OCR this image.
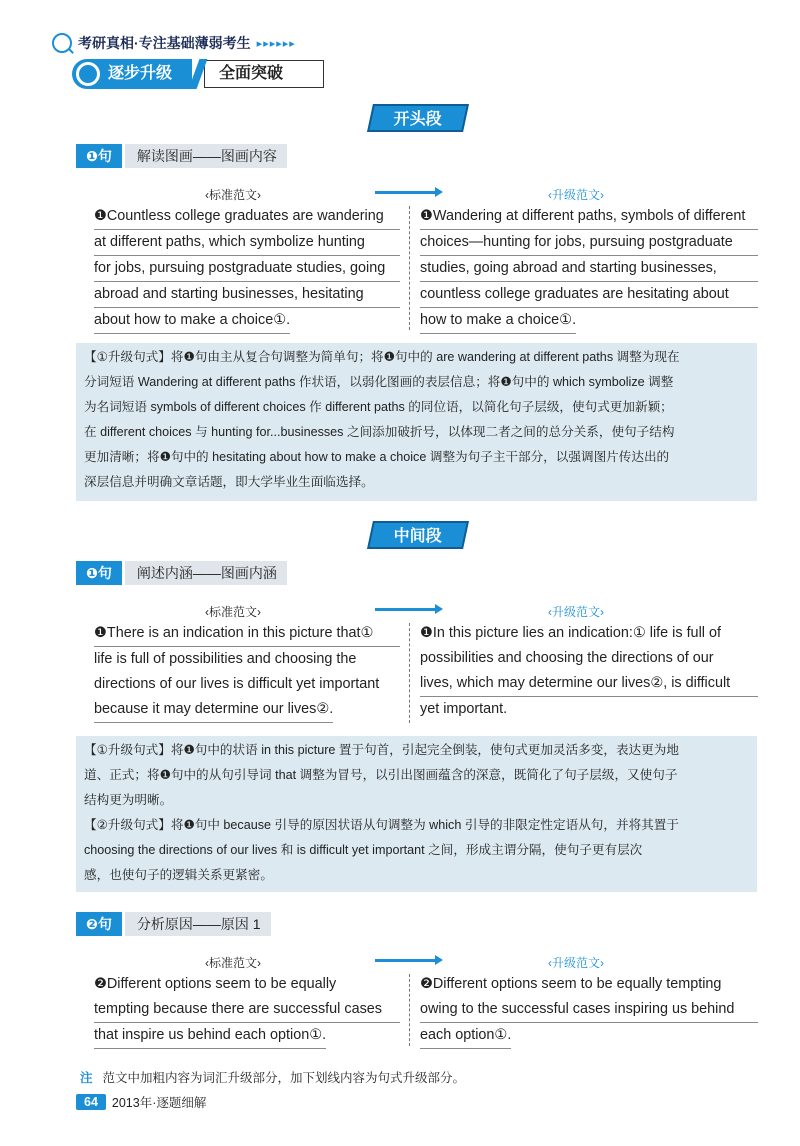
考研真相·专注基础薄弱考生 ▸▸▸▸▸▸
逐步升级	全面突破
开头段
❶句	解读图画——图画内容
‹标准范文›	‹升级范文›
❶Countless college graduates are wandering
at different paths, which symbolize hunting
for jobs, pursuing postgraduate studies, going
abroad and starting businesses, hesitating
about how to make a choice①.
❶Wandering at different paths, symbols of different
choices—hunting for jobs, pursuing postgraduate
studies, going abroad and starting businesses,
countless college graduates are hesitating about
how to make a choice①.
【①升级句式】将❶句由主从复合句调整为简单句；将❶句中的 are wandering at different paths 调整为现在
分词短语 Wandering at different paths 作状语，以弱化图画的表层信息；将❶句中的 which symbolize 调整
为名词短语 symbols of different choices 作 different paths 的同位语，以简化句子层级，使句式更加新颖；
在 different choices 与 hunting for...businesses 之间添加破折号，以体现二者之间的总分关系，使句子结构
更加清晰；将❶句中的 hesitating about how to make a choice 调整为句子主干部分，以强调图片传达出的
深层信息并明确文章话题，即大学毕业生面临选择。
中间段
❶句	阐述内涵——图画内涵
‹标准范文›	‹升级范文›
❶There is an indication in this picture that①
life is full of possibilities and choosing the
directions of our lives is difficult yet important
because it may determine our lives②.
❶In this picture lies an indication:① life is full of
possibilities and choosing the directions of our
lives, which may determine our lives②, is difficult
yet important.
【①升级句式】将❶句中的状语 in this picture 置于句首，引起完全倒装，使句式更加灵活多变，表达更为地
道、正式；将❶句中的从句引导词 that 调整为冒号，以引出图画蕴含的深意，既简化了句子层级，又使句子
结构更为明晰。
【②升级句式】将❶句中 because 引导的原因状语从句调整为 which 引导的非限定性定语从句，并将其置于
choosing the directions of our lives 和 is difficult yet important 之间，形成主谓分隔，使句子更有层次
感，也使句子的逻辑关系更紧密。
❷句	分析原因——原因 1
‹标准范文›	‹升级范文›
❷Different options seem to be equally
tempting because there are successful cases
that inspire us behind each option①.
❷Different options seem to be equally tempting
owing to the successful cases inspiring us behind
each option①.
注 范文中加粗内容为词汇升级部分，加下划线内容为句式升级部分。
64	2013年·逐题细解
